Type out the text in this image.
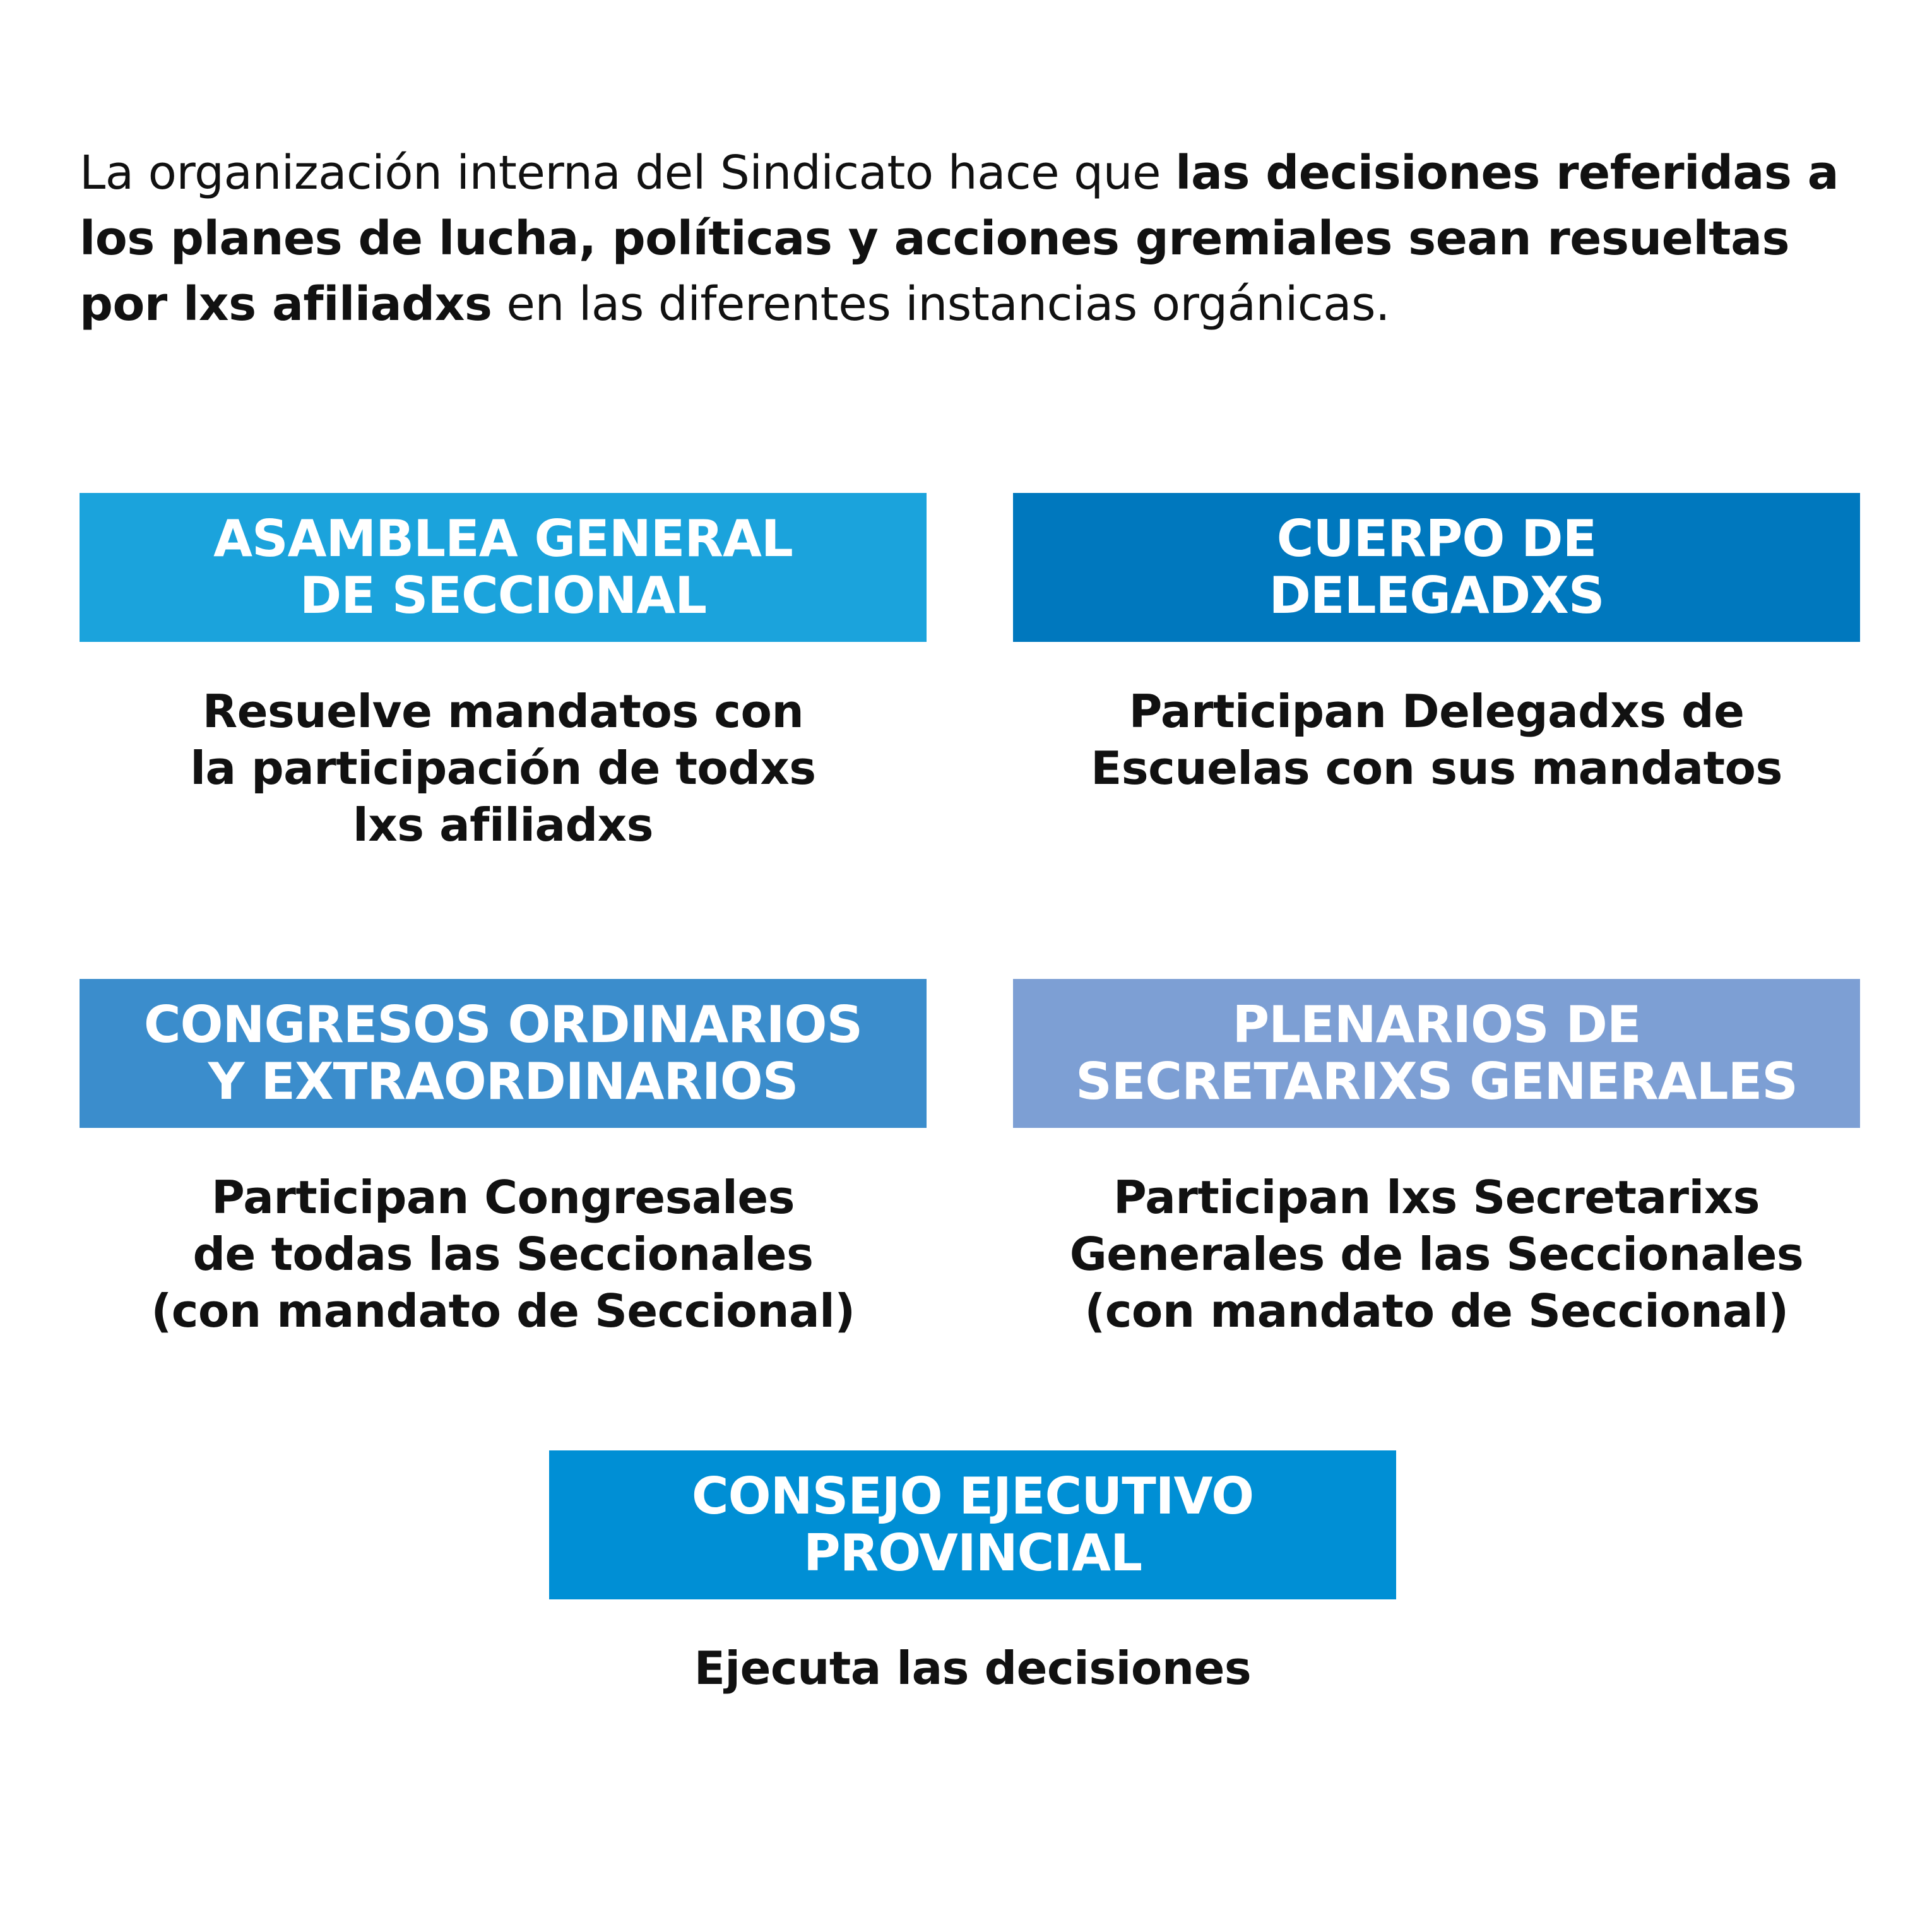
La organización interna del Sindicato hace que las decisiones referidas a los planes de lucha, políticas y acciones gremiales sean resueltas por lxs afiliadxs en las diferentes instancias orgánicas.

ASAMBLEA GENERAL
DE SECCIONAL
Resuelve mandatos con
la participación de todxs
lxs afiliadxs
CUERPO DE
DELEGADXS
Participan Delegadxs de
Escuelas con sus mandatos
CONGRESOS ORDINARIOS
Y EXTRAORDINARIOS
Participan Congresales
de todas las Seccionales
(con mandato de Seccional)
PLENARIOS DE
SECRETARIXS GENERALES
Participan lxs Secretarixs
Generales de las Seccionales
(con mandato de Seccional)
CONSEJO EJECUTIVO
PROVINCIAL
Ejecuta las decisiones
